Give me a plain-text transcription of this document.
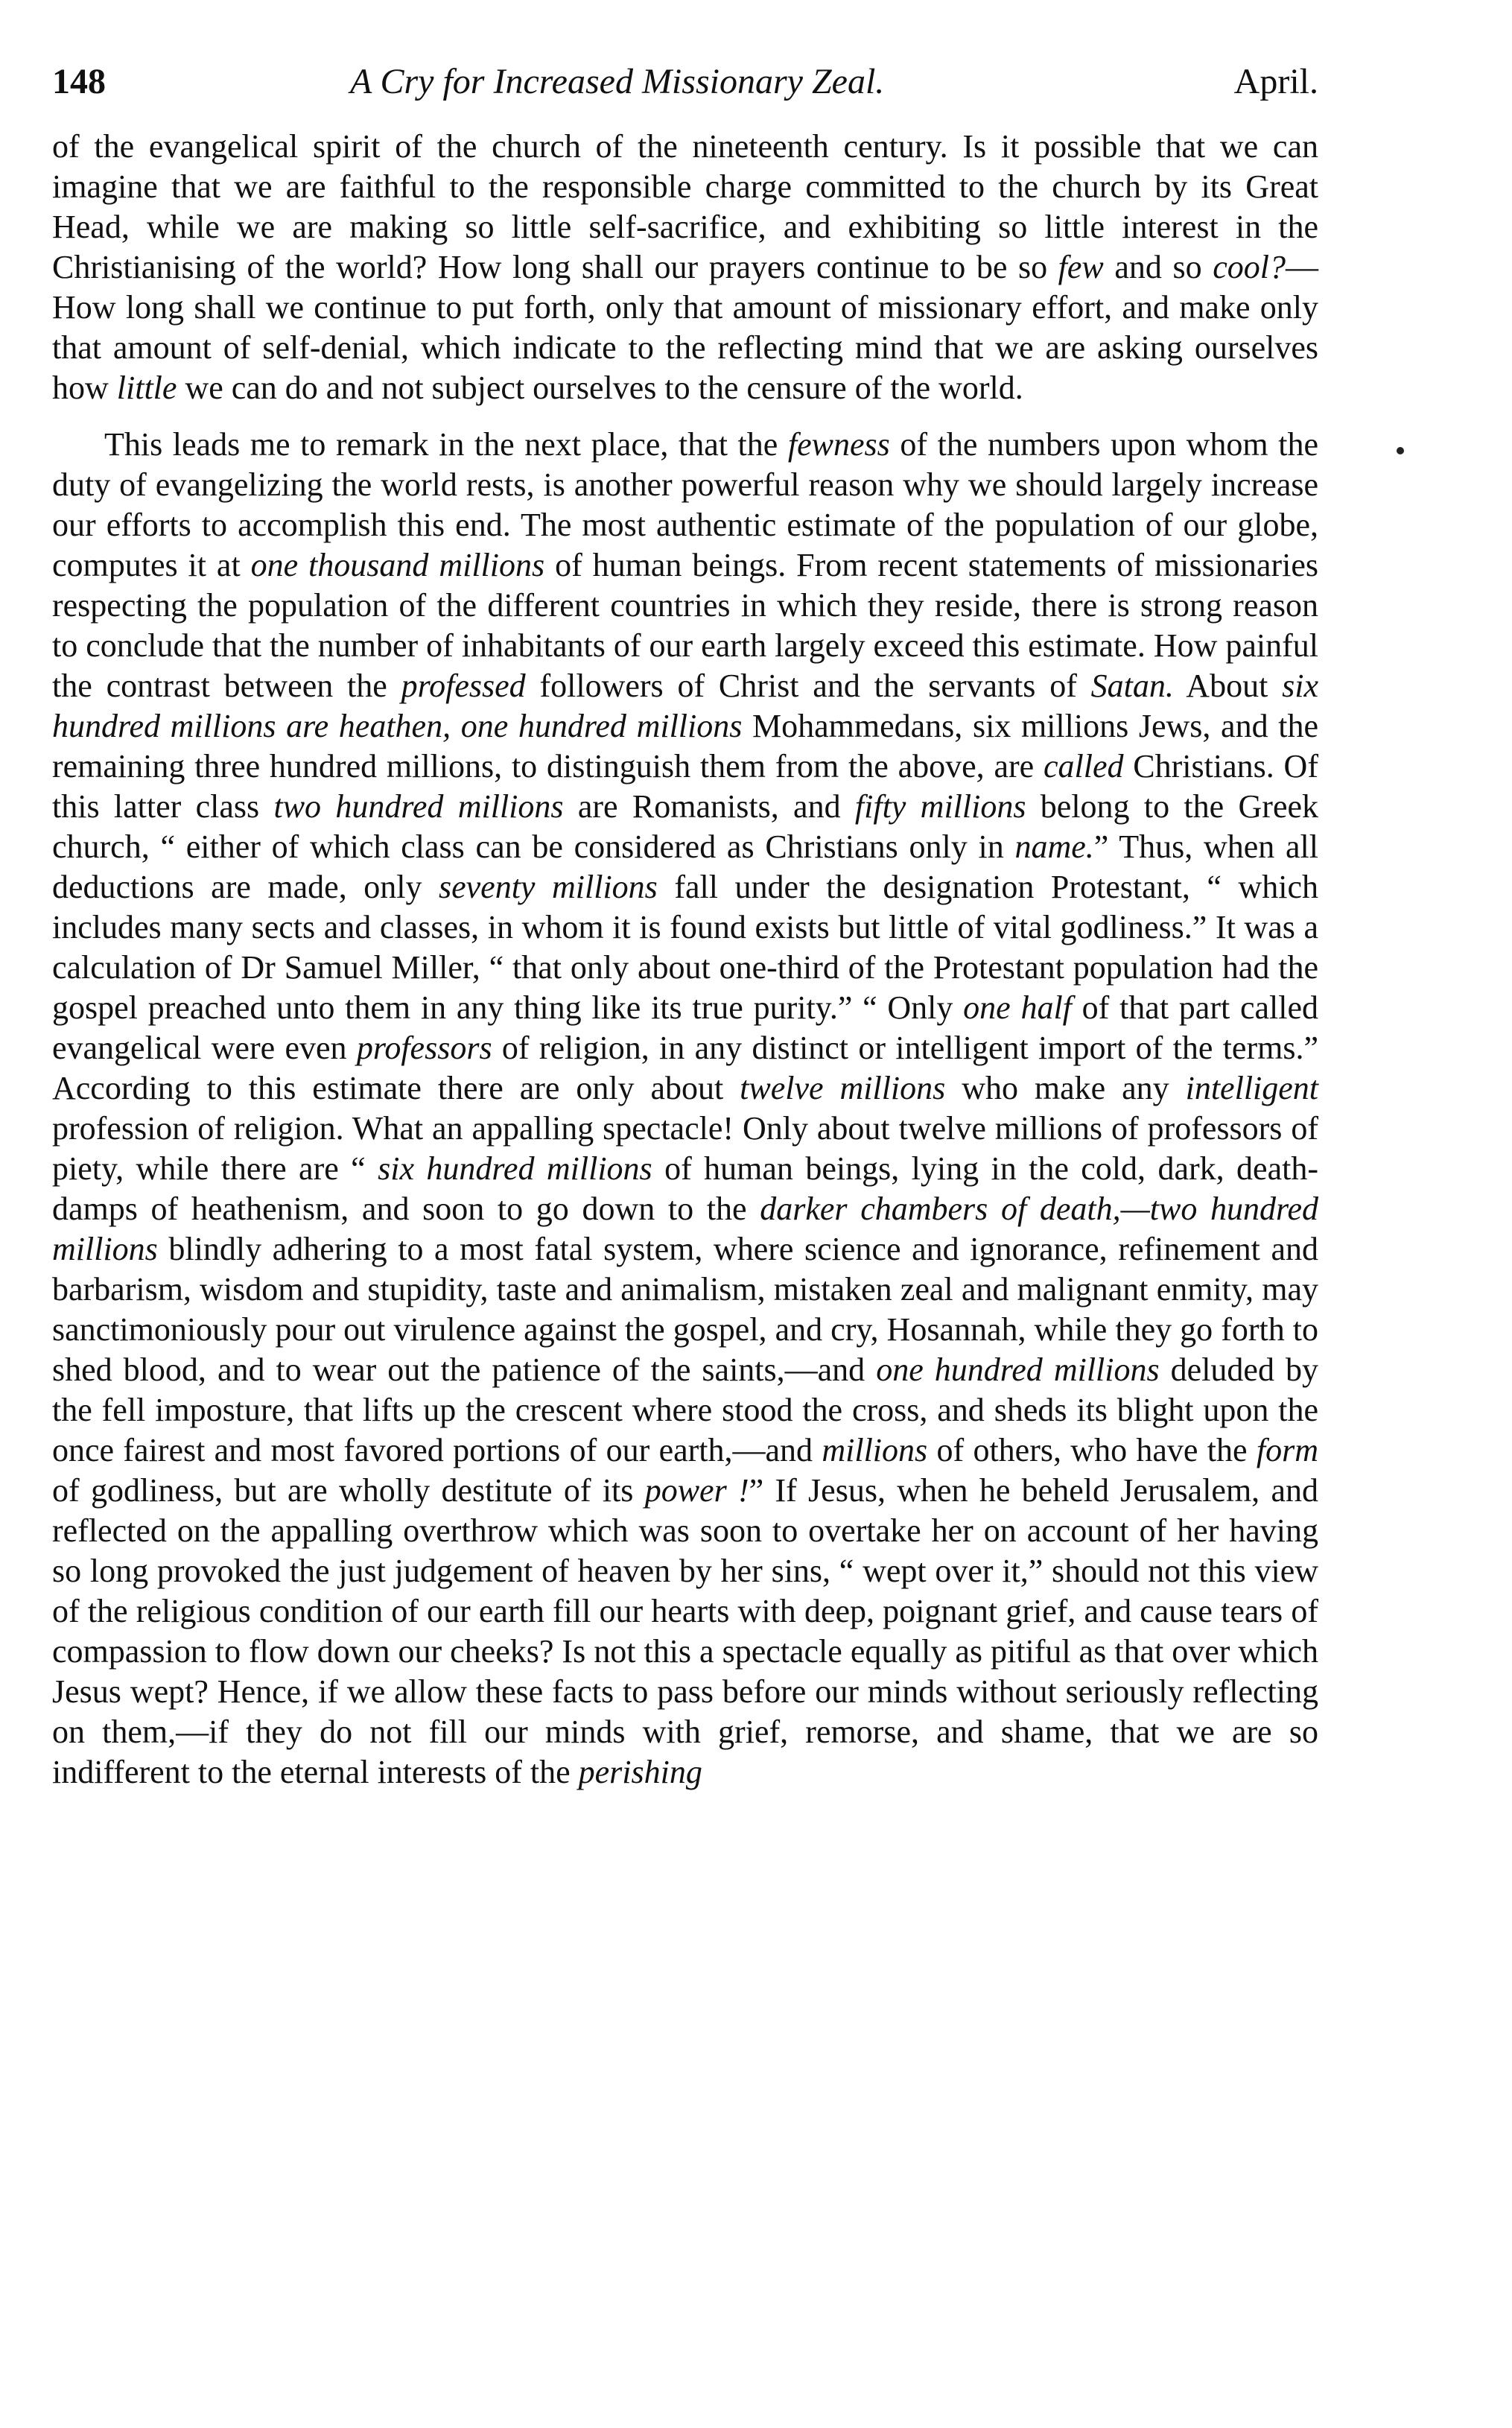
148	A Cry for Increased Missionary Zeal.	April.

of the evangelical spirit of the church of the nineteenth century. Is it possible that we can imagine that we are faithful to the responsible charge committed to the church by its Great Head, while we are making so little self-sacrifice, and exhibiting so little interest in the Christianising of the world? How long shall our prayers continue to be so few and so cool?— How long shall we continue to put forth, only that amount of missionary effort, and make only that amount of self-denial, which indicate to the reflecting mind that we are asking ourselves how little we can do and not subject ourselves to the censure of the world.

This leads me to remark in the next place, that the fewness of the numbers upon whom the duty of evangelizing the world rests, is another powerful reason why we should largely increase our efforts to accomplish this end. The most authentic estimate of the population of our globe, computes it at one thousand millions of human beings. From recent statements of missionaries respecting the population of the different countries in which they reside, there is strong reason to conclude that the number of inhabitants of our earth largely exceed this estimate. How painful the contrast between the professed followers of Christ and the servants of Satan. About six hundred millions are heathen, one hundred millions Mohammedans, six millions Jews, and the remaining three hundred millions, to distinguish them from the above, are called Christians. Of this latter class two hundred millions are Romanists, and fifty millions belong to the Greek church, “ either of which class can be considered as Christians only in name.” Thus, when all deductions are made, only seventy millions fall under the designation Protestant, “ which includes many sects and classes, in whom it is found exists but little of vital godliness.” It was a calculation of Dr Samuel Miller, “ that only about one-third of the Protestant population had the gospel preached unto them in any thing like its true purity.” “ Only one half of that part called evangelical were even professors of religion, in any distinct or intelligent import of the terms.” According to this estimate there are only about twelve millions who make any intelligent profession of religion. What an appalling spectacle! Only about twelve millions of professors of piety, while there are “ six hundred millions of human beings, lying in the cold, dark, death-damps of heathenism, and soon to go down to the darker chambers of death,—two hundred millions blindly adhering to a most fatal system, where science and ignorance, refinement and barbarism, wisdom and stupidity, taste and animalism, mistaken zeal and malignant enmity, may sanctimoniously pour out virulence against the gospel, and cry, Hosannah, while they go forth to shed blood, and to wear out the patience of the saints,—and one hundred millions deluded by the fell imposture, that lifts up the crescent where stood the cross, and sheds its blight upon the once fairest and most favored portions of our earth,—and millions of others, who have the form of godliness, but are wholly destitute of its power !” If Jesus, when he beheld Jerusalem, and reflected on the appalling overthrow which was soon to overtake her on account of her having so long provoked the just judgement of heaven by her sins, “ wept over it,” should not this view of the religious condition of our earth fill our hearts with deep, poignant grief, and cause tears of compassion to flow down our cheeks? Is not this a spectacle equally as pitiful as that over which Jesus wept? Hence, if we allow these facts to pass before our minds without seriously reflecting on them,—if they do not fill our minds with grief, remorse, and shame, that we are so indifferent to the eternal interests of the perishing
